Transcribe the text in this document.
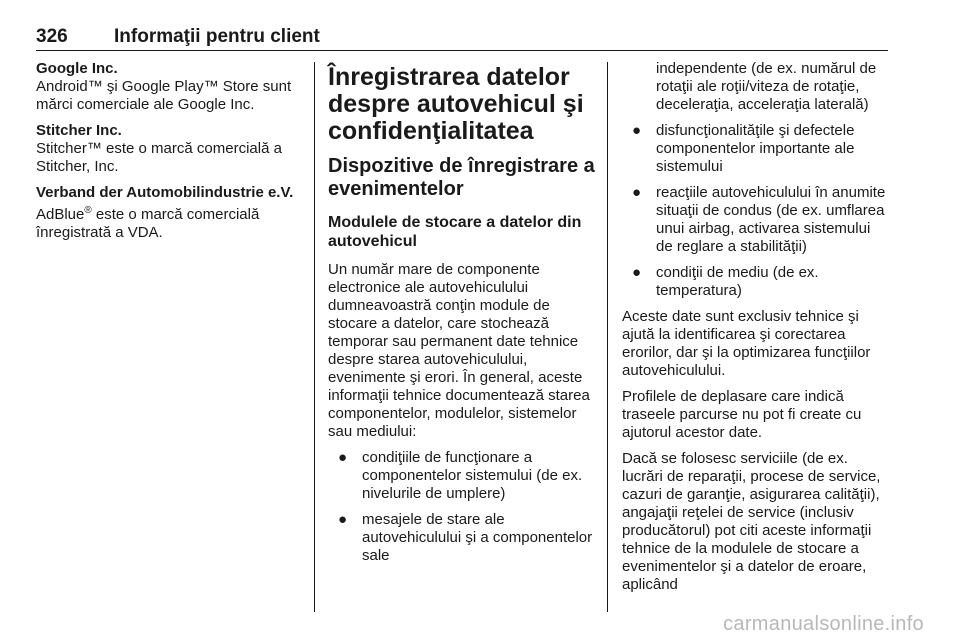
326 Informaţii pentru client
Google Inc.
Android™ şi Google Play™ Store sunt mărci comerciale ale Google Inc.
Stitcher Inc.
Stitcher™ este o marcă comercială a Stitcher, Inc.
Verband der Automobilindustrie e.V.
AdBlue® este o marcă comercială înregistrată a VDA.
Înregistrarea datelor despre autovehicul şi confidenţialitatea
Dispozitive de înregistrare a evenimentelor
Modulele de stocare a datelor din autovehicul

Un număr mare de componente electronice ale autovehiculului dumneavoastră conţin module de stocare a datelor, care stochează temporar sau permanent date tehnice despre starea autovehiculului, evenimente şi erori. În general, aceste informaţii tehnice documentează starea componentelor, modulelor, sistemelor sau mediului:

● condiţiile de funcţionare a componentelor sistemului (de ex. nivelurile de umplere)
● mesajele de stare ale autovehiculului şi a componentelor sale
independente (de ex. numărul de rotaţii ale roţii/viteza de rotaţie, deceleraţia, acceleraţia laterală)
● disfuncţionalităţile şi defectele componentelor importante ale sistemului
● reacţiile autovehiculului în anumite situaţii de condus (de ex. umflarea unui airbag, activarea sistemului de reglare a stabilităţii)
● condiţii de mediu (de ex. temperatura)

Aceste date sunt exclusiv tehnice şi ajută la identificarea şi corectarea erorilor, dar şi la optimizarea funcţiilor autovehiculului.

Profilele de deplasare care indică traseele parcurse nu pot fi create cu ajutorul acestor date.

Dacă se folosesc serviciile (de ex. lucrări de reparaţii, procese de service, cazuri de garanţie, asigurarea calităţii), angajaţii reţelei de service (inclusiv producătorul) pot citi aceste informaţii tehnice de la modulele de stocare a evenimentelor şi a datelor de eroare, aplicând

carmanualsonline.info
